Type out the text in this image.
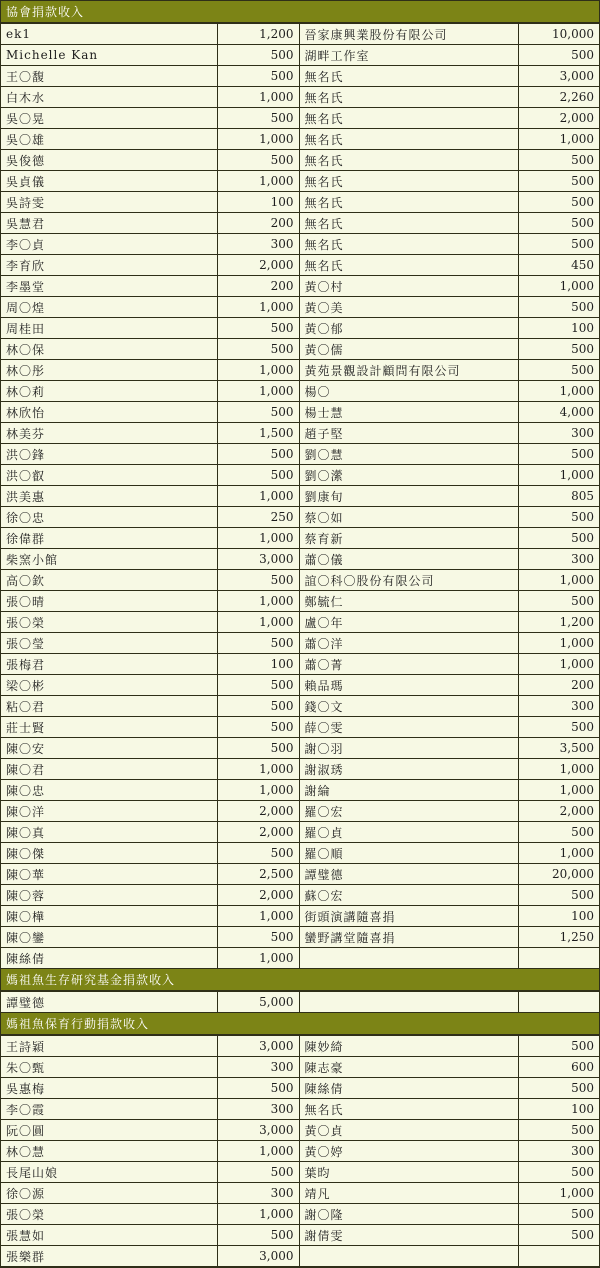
協會捐款收入
ek1	1,200	晉家康興業股份有限公司	10,000
Michelle Kan	500	湖畔工作室	500
王〇馥	500	無名氏	3,000
白木水	1,000	無名氏	2,260
吳〇晃	500	無名氏	2,000
吳〇雄	1,000	無名氏	1,000
吳俊德	500	無名氏	500
吳貞儀	1,000	無名氏	500
吳詩雯	100	無名氏	500
吳慧君	200	無名氏	500
李〇貞	300	無名氏	500
李育欣	2,000	無名氏	450
李墨堂	200	黃〇村	1,000
周〇煌	1,000	黃〇美	500
周桂田	500	黃〇郁	100
林〇保	500	黃〇儒	500
林〇彤	1,000	黃苑景觀設計顧問有限公司	500
林〇莉	1,000	楊〇	1,000
林欣怡	500	楊士慧	4,000
林美芬	1,500	趙子堅	300
洪〇鋒	500	劉〇慧	500
洪〇叡	500	劉〇瀠	1,000
洪美惠	1,000	劉康旬	805
徐〇忠	250	蔡〇如	500
徐偉群	1,000	蔡育新	500
柴窯小館	3,000	蕭〇儀	300
高〇欽	500	誼〇科〇股份有限公司	1,000
張〇晴	1,000	鄭毓仁	500
張〇榮	1,000	盧〇年	1,200
張〇瑩	500	蕭〇洋	1,000
張梅君	100	蕭〇菁	1,000
梁〇彬	500	賴品瑪	200
粘〇君	500	錢〇文	300
莊士賢	500	薛〇雯	500
陳〇安	500	謝〇羽	3,500
陳〇君	1,000	謝淑琇	1,000
陳〇忠	1,000	謝綸	1,000
陳〇洋	2,000	羅〇宏	2,000
陳〇真	2,000	羅〇貞	500
陳〇傑	500	羅〇順	1,000
陳〇華	2,500	譚璧德	20,000
陳〇蓉	2,000	蘇〇宏	500
陳〇樺	1,000	街頭演講隨喜捐	100
陳〇鑾	500	蠻野講堂隨喜捐	1,250
陳絲倩	1,000		
媽祖魚生存研究基金捐款收入
譚璧德	5,000		
媽祖魚保育行動捐款收入
王詩穎	3,000	陳妙綺	500
朱〇甄	300	陳志豪	600
吳惠梅	500	陳絲倩	500
李〇霞	300	無名氏	100
阮〇圓	3,000	黃〇貞	500
林〇慧	1,000	黃〇婷	300
長尾山娘	500	葉昀	500
徐〇源	300	靖凡	1,000
張〇榮	1,000	謝〇隆	500
張慧如	500	謝倩雯	500
張樂群	3,000		
